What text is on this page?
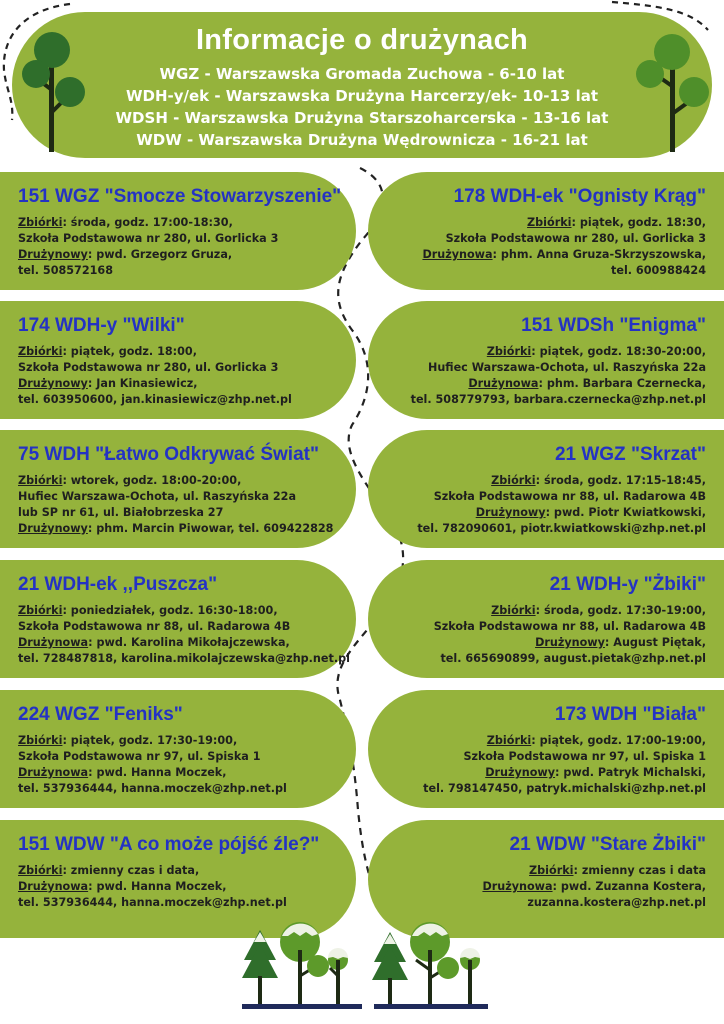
Informacje o drużynach

WGZ - Warszawska Gromada Zuchowa - 6-10 lat

WDH-y/ek - Warszawska Drużyna Harcerzy/ek- 10-13 lat

WDSH - Warszawska Drużyna Starszoharcerska - 13-16 lat

WDW - Warszawska Drużyna Wędrownicza - 16-21 lat

151 WGZ "Smocze Stowarzyszenie"
Zbiórki: środa, godz. 17:00-18:30,
Szkoła Podstawowa nr 280, ul. Gorlicka 3
Drużynowy: pwd. Grzegorz Gruza,
tel. 508572168
178 WDH-ek "Ognisty Krąg"
Zbiórki: piątek, godz. 18:30,
Szkoła Podstawowa nr 280, ul. Gorlicka 3
Drużynowa: phm. Anna Gruza-Skrzyszowska,
tel. 600988424
174 WDH-y "Wilki"
Zbiórki: piątek, godz. 18:00,
Szkoła Podstawowa nr 280, ul. Gorlicka 3
Drużynowy: Jan Kinasiewicz,
tel. 603950600, jan.kinasiewicz@zhp.net.pl
151 WDSh "Enigma"
Zbiórki: piątek, godz. 18:30-20:00,
Hufiec Warszawa-Ochota, ul. Raszyńska 22a
Drużynowa: phm. Barbara Czernecka,
tel. 508779793, barbara.czernecka@zhp.net.pl
75 WDH "Łatwo Odkrywać Świat"
Zbiórki: wtorek, godz. 18:00-20:00,
Hufiec Warszawa-Ochota, ul. Raszyńska 22a
lub SP nr 61, ul. Białobrzeska 27
Drużynowy: phm. Marcin Piwowar, tel. 609422828
21 WGZ "Skrzat"
Zbiórki: środa, godz. 17:15-18:45,
Szkoła Podstawowa nr 88, ul. Radarowa 4B
Drużynowy: pwd. Piotr Kwiatkowski,
tel. 782090601, piotr.kwiatkowski@zhp.net.pl
21 WDH-ek ,,Puszcza"
Zbiórki: poniedziałek, godz. 16:30-18:00,
Szkoła Podstawowa nr 88, ul. Radarowa 4B
Drużynowa: pwd. Karolina Mikołajczewska,
tel. 728487818, karolina.mikolajczewska@zhp.net.pl
21 WDH-y "Żbiki"
Zbiórki: środa, godz. 17:30-19:00,
Szkoła Podstawowa nr 88, ul. Radarowa 4B
Drużynowy: August Piętak,
tel. 665690899, august.pietak@zhp.net.pl
224 WGZ "Feniks"
Zbiórki: piątek, godz. 17:30-19:00,
Szkoła Podstawowa nr 97, ul. Spiska 1
Drużynowa: pwd. Hanna Moczek,
tel. 537936444, hanna.moczek@zhp.net.pl
173 WDH "Biała"
Zbiórki: piątek, godz. 17:00-19:00,
Szkoła Podstawowa nr 97, ul. Spiska 1
Drużynowy: pwd. Patryk Michalski,
tel. 798147450, patryk.michalski@zhp.net.pl
151 WDW "A co może pójść źle?"
Zbiórki: zmienny czas i data,
Drużynowa: pwd. Hanna Moczek,
tel. 537936444, hanna.moczek@zhp.net.pl
21 WDW "Stare Żbiki"
Zbiórki: zmienny czas i data
Drużynowa: pwd. Zuzanna Kostera,
zuzanna.kostera@zhp.net.pl
